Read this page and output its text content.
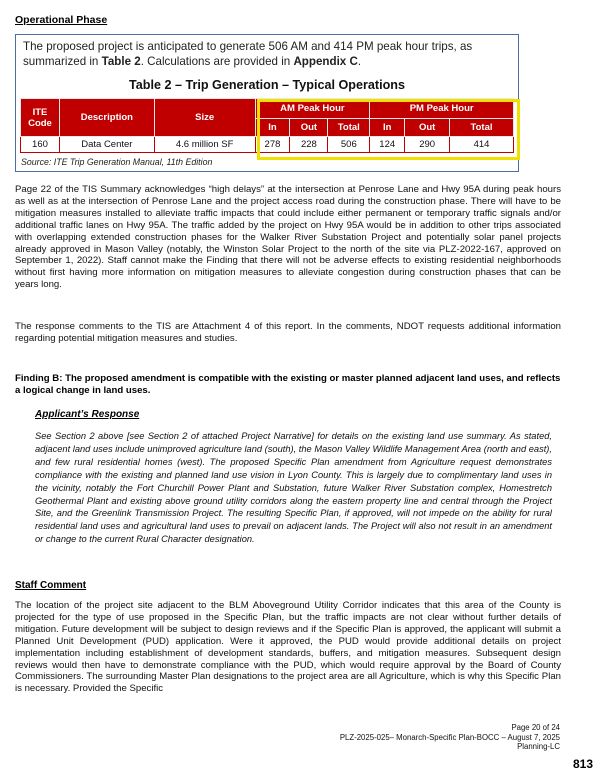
Operational Phase
The proposed project is anticipated to generate 506 AM and 414 PM peak hour trips, as summarized in Table 2. Calculations are provided in Appendix C.
Table 2 – Trip Generation – Typical Operations
ITE Code	Description	Size	AM Peak Hour			PM Peak Hour		
			In	Out	Total	In	Out	Total
160	Data Center	4.6 million SF	278	228	506	124	290	414
Source: ITE Trip Generation Manual, 11th Edition
Page 22 of the TIS Summary acknowledges “high delays” at the intersection at Penrose Lane and Hwy 95A during peak hours as well as at the intersection of Penrose Lane and the project access road during the construction phase. There will have to be mitigation measures installed to alleviate traffic impacts that could include either permanent or temporary traffic signals and/or additional traffic lanes on Hwy 95A. The traffic added by the project on Hwy 95A would be in addition to other trips associated with overlapping extended construction phases for the Walker River Substation Project and potentially solar panel projects already approved in Mason Valley (notably, the Winston Solar Project to the north of the site via PLZ-2022-167, approved on September 1, 2022). Staff cannot make the Finding that there will not be adverse effects to existing residential neighborhoods without first having more information on mitigation measures to alleviate congestion during construction phases that can be years long.
The response comments to the TIS are Attachment 4 of this report. In the comments, NDOT requests additional information regarding potential mitigation measures and studies.
Finding B: The proposed amendment is compatible with the existing or master planned adjacent land uses, and reflects a logical change in land uses.
Applicant’s Response
See Section 2 above [see Section 2 of attached Project Narrative] for details on the existing land use summary. As stated, adjacent land uses include unimproved agriculture land (south), the Mason Valley Wildlife Management Area (north and east), and few rural residential homes (west). The proposed Specific Plan amendment from Agriculture request demonstrates compliance with the existing and planned land use vision in Lyon County. This is largely due to complimentary land uses in the vicinity, notably the Fort Churchill Power Plant and Substation, future Walker River Substation complex, Homestretch Geothermal Plant and existing above ground utility corridors along the eastern property line and central through the Project Site, and the Greenlink Transmission Project. The resulting Specific Plan, if approved, will not impede on the ability for rural residential land uses and agricultural land uses to prevail on adjacent lands. The Project will also not result in an amendment or change to the current Rural Character designation.
Staff Comment
The location of the project site adjacent to the BLM Aboveground Utility Corridor indicates that this area of the County is projected for the type of use proposed in the Specific Plan, but the traffic impacts are not clear without further details of mitigation. Future development will be subject to design reviews and if the Specific Plan is approved, the applicant will submit a Planned Unit Development (PUD) application. Were it approved, the PUD would provide additional details on project implementation including establishment of development standards, buffers, and mitigation measures. Subsequent design reviews would then have to demonstrate compliance with the PUD, which would require approval by the Board of County Commissioners. The surrounding Master Plan designations to the project area are all Agriculture, which is why this Specific Plan is necessary. Provided the Specific
Page 20 of 24
PLZ-2025-025– Monarch-Specific Plan-BOCC – August 7, 2025
Planning-LC
813
